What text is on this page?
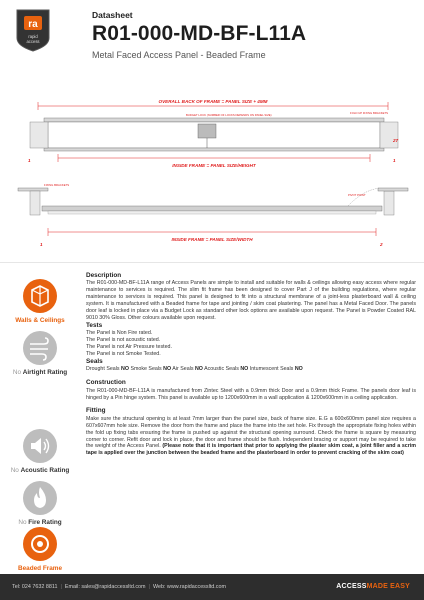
ra
rapid
access
Datasheet
R01-000-MD-BF-L11A
Metal Faced Access Panel - Beaded Frame
OVERALL BACK OF FRAME = PANEL SIZE + 4MM
BUDGET LOCK (NUMBER OF LOCKS DEPENDS ON PANEL SIZE)	FOLD UP FIXING BRACKETS
INSIDE FRAME = PANEL SIZE/HEIGHT
27
1	1
FIXING BRACKETS
PIVOT POINT
INSIDE FRAME = PANEL SIZE/WIDTH
1	2
Walls & Ceilings
No Airtight Rating
No Acoustic Rating
No Fire Rating
Beaded Frame
Description

The R01-000-MD-BF-L11A range of Access Panels are simple to install and suitable for walls & ceilings allowing easy access where regular maintenance to services is required. The slim fit frame has been designed to cover Part J of the building regulations, where regular maintenance to services is required. This panel is designed to fit into a structural membrane of a joint-less plasterboard wall & ceiling system. It is manufactured with a Beaded frame for tape and jointing / skim coat plastering. The panel has a Metal Faced Door. The panels door leaf is locked in place via a Budget Lock as standard other lock options are available upon request. The Panel is Powder Coated RAL 9010 30% Gloss. Other colours available upon request.

Tests
The Panel is Non Fire rated.
The Panel is not acoustic rated.
The Panel is not Air Pressure tested.
The Panel is not Smoke Tested.
Seals
Drought Seals NO Smoke Seals NO Air Seals NO Acoustic Seals NO Intumescent Seals NO
Construction

The R01-000-MD-BF-L11A is manufactured from Zintec Steel with a 0.9mm thick Door and a 0.9mm thick Frame. The panels door leaf is hinged by a Pin hinge system. This panel is available up to 1200x600mm in a wall application & 1200x600mm in a ceiling application.

Fitting

Make sure the structural opening is at least 7mm larger than the panel size, back of frame size. E.G a 600x600mm panel size requires a 607x607mm hole size. Remove the door from the frame and place the frame into the set hole. Fix through the appropriate fixing holes within the fold up fixing tabs ensuring the frame is pushed up against the structural opening surround. Check the frame is square by measuring corner to corner. Refit door and lock in place, the door and frame should be flush. Independent bracing or support may be required to take the weight of the Access Panel. (Please note that it is important that prior to applying the plaster skim coat, a joint filler and a scrim tape is applied over the junction between the beaded frame and the plasterboard in order to prevent cracking of the skim coat)

Tel: 024 7632 8811 | Email: sales@rapidaccessltd.com | Web: www.rapidaccessltd.com	ACCESSMADE EASY
